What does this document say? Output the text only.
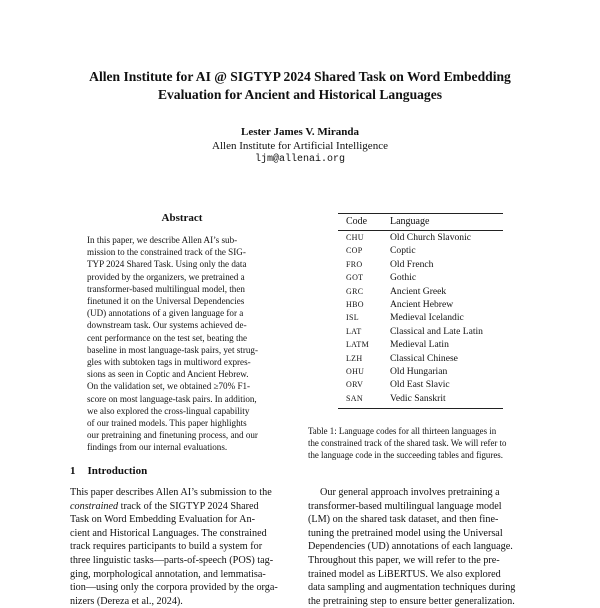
Allen Institute for AI @ SIGTYP 2024 Shared Task on Word Embedding
Evaluation for Ancient and Historical Languages
Lester James V. Miranda
Allen Institute for Artificial Intelligence
ljm@allenai.org
Abstract
In this paper, we describe Allen AI’s sub-
mission to the constrained track of the SIG-
TYP 2024 Shared Task. Using only the data
provided by the organizers, we pretrained a
transformer-based multilingual model, then
finetuned it on the Universal Dependencies
(UD) annotations of a given language for a
downstream task. Our systems achieved de-
cent performance on the test set, beating the
baseline in most language-task pairs, yet strug-
gles with subtoken tags in multiword expres-
sions as seen in Coptic and Ancient Hebrew.
On the validation set, we obtained ≥70% F1-
score on most language-task pairs. In addition,
we also explored the cross-lingual capability
of our trained models. This paper highlights
our pretraining and finetuning process, and our
findings from our internal evaluations.
1 Introduction
This paper describes Allen AI’s submission to the
constrained track of the SIGTYP 2024 Shared
Task on Word Embedding Evaluation for An-
cient and Historical Languages. The constrained
track requires participants to build a system for
three linguistic tasks—parts-of-speech (POS) tag-
ging, morphological annotation, and lemmatisa-
tion—using only the corpora provided by the orga-
nizers (Dereza et al., 2024).
Code	Language
CHU	Old Church Slavonic
COP	Coptic
FRO	Old French
GOT	Gothic
GRC	Ancient Greek
HBO	Ancient Hebrew
ISL	Medieval Icelandic
LAT	Classical and Late Latin
LATM	Medieval Latin
LZH	Classical Chinese
OHU	Old Hungarian
ORV	Old East Slavic
SAN	Vedic Sanskrit
Table 1: Language codes for all thirteen languages in
the constrained track of the shared task. We will refer to
the language code in the succeeding tables and figures.
Our general approach involves pretraining a
transformer-based multilingual language model
(LM) on the shared task dataset, and then fine-
tuning the pretrained model using the Universal
Dependencies (UD) annotations of each language.
Throughout this paper, we will refer to the pre-
trained model as LiBERTUS. We also explored
data sampling and augmentation techniques during
the pretraining step to ensure better generalization.
